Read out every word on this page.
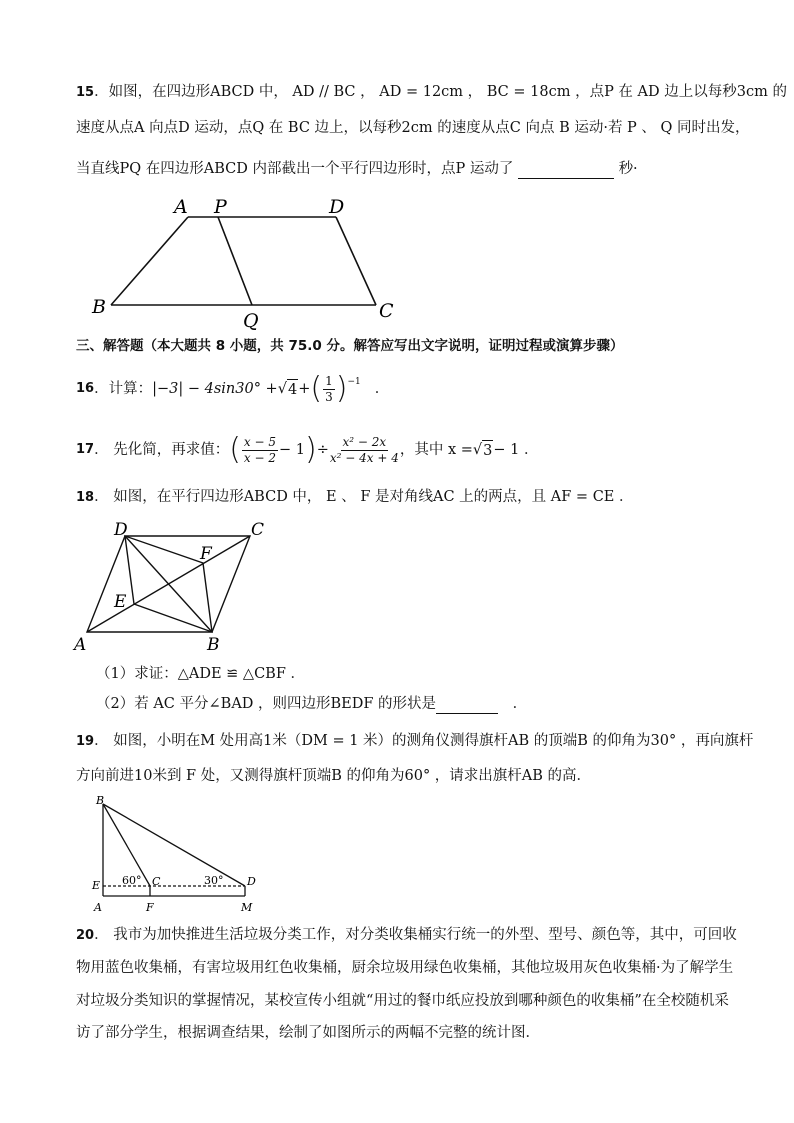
15．如图，在四边形ABCD 中， AD // BC ， AD = 12cm ， BC = 18cm ，点P 在 AD 边上以每秒3cm 的
速度从点A 向点D 运动，点Q 在 BC 边上，以每秒2cm 的速度从点C 向点 B 运动·若 P 、 Q 同时出发，
当直线PQ 在四边形ABCD 内部截出一个平行四边形时，点P 运动了	秒·
A P	D
B
Q	C
三、解答题（本大题共 8 小题，共 75.0 分。解答应写出文字说明，证明过程或演算步骤）
16 ．计算： |−3| − 4sin30° + √ 4 + ( $\frac{1}{3} )^{-1}$ ．
17 ． 先化简，再求值： ( $\frac{x - 5}{x - 2} - 1$ ) ÷ $\frac{\text{x² − 2x}}{\text{x² − 4x + 4}}$ ，其中 x = √ 3 − 1 ．
18． 如图，在平行四边形ABCD 中， E 、 F 是对角线AC 上的两点，且 AF = CE ．
D	C
F
E
A	B
（1）求证：△ADE ≌ △CBF ．
（2）若 AC 平分∠BAD ，则四边形BEDF 的形状是	．
19． 如图，小明在M 处用高1米（DM = 1 米）的测角仪测得旗杆AB 的顶端B 的仰角为30° ，再向旗杆
方向前进10米到 F 处，又测得旗杆顶端B 的仰角为60° ，请求出旗杆AB 的高．
B
E	C	D
A	F	M
60°	30°
20． 我市为加快推进生活垃圾分类工作，对分类收集桶实行统一的外型、型号、颜色等，其中，可回收
物用蓝色收集桶，有害垃圾用红色收集桶，厨余垃圾用绿色收集桶，其他垃圾用灰色收集桶·为了解学生
对垃圾分类知识的掌握情况，某校宣传小组就“用过的餐巾纸应投放到哪种颜色的收集桶”在全校随机采
访了部分学生，根据调查结果，绘制了如图所示的两幅不完整的统计图．
